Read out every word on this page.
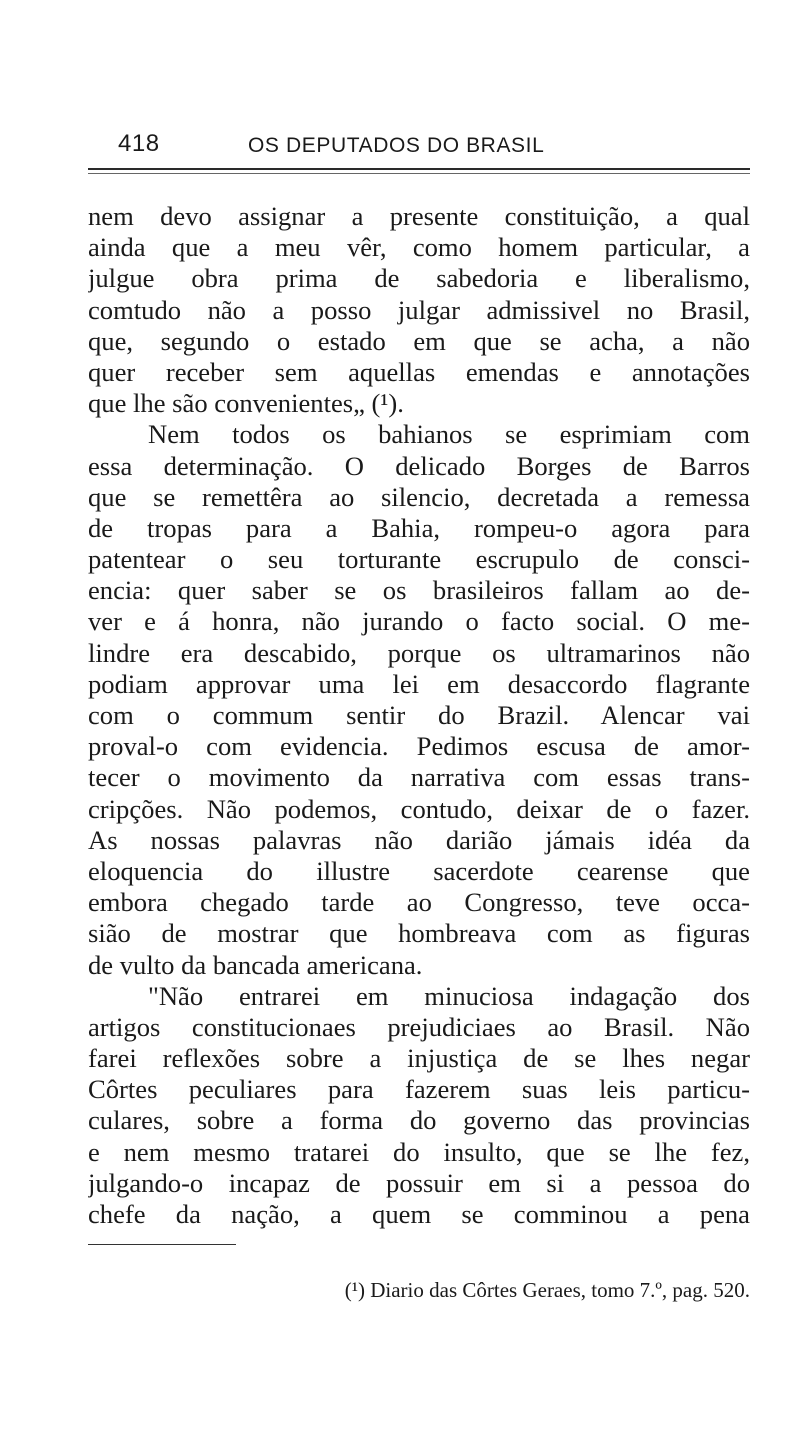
418	OS DEPUTADOS DO BRASIL
nem devo assignar a presente constituição, a qual
ainda que a meu vêr, como homem particular, a
julgue obra prima de sabedoria e liberalismo,
comtudo não a posso julgar admissivel no Brasil,
que, segundo o estado em que se acha, a não
quer receber sem aquellas emendas e annotações
que lhe são convenientes„ (¹).
Nem todos os bahianos se esprimiam com
essa determinação. O delicado Borges de Barros
que se remettêra ao silencio, decretada a remessa
de tropas para a Bahia, rompeu-o agora para
patentear o seu torturante escrupulo de consci-
encia: quer saber se os brasileiros fallam ao de-
ver e á honra, não jurando o facto social. O me-
lindre era descabido, porque os ultramarinos não
podiam approvar uma lei em desaccordo flagrante
com o commum sentir do Brazil. Alencar vai
proval-o com evidencia. Pedimos escusa de amor-
tecer o movimento da narrativa com essas trans-
cripções. Não podemos, contudo, deixar de o fazer.
As nossas palavras não darião jámais idéa da
eloquencia do illustre sacerdote cearense que
embora chegado tarde ao Congresso, teve occa-
sião de mostrar que hombreava com as figuras
de vulto da bancada americana.
"Não entrarei em minuciosa indagação dos
artigos constitucionaes prejudiciaes ao Brasil. Não
farei reflexões sobre a injustiça de se lhes negar
Côrtes peculiares para fazerem suas leis particu-
culares, sobre a forma do governo das provincias
e nem mesmo tratarei do insulto, que se lhe fez,
julgando-o incapaz de possuir em si a pessoa do
chefe da nação, a quem se comminou a pena
(¹) Diario das Côrtes Geraes, tomo 7.º, pag. 520.
